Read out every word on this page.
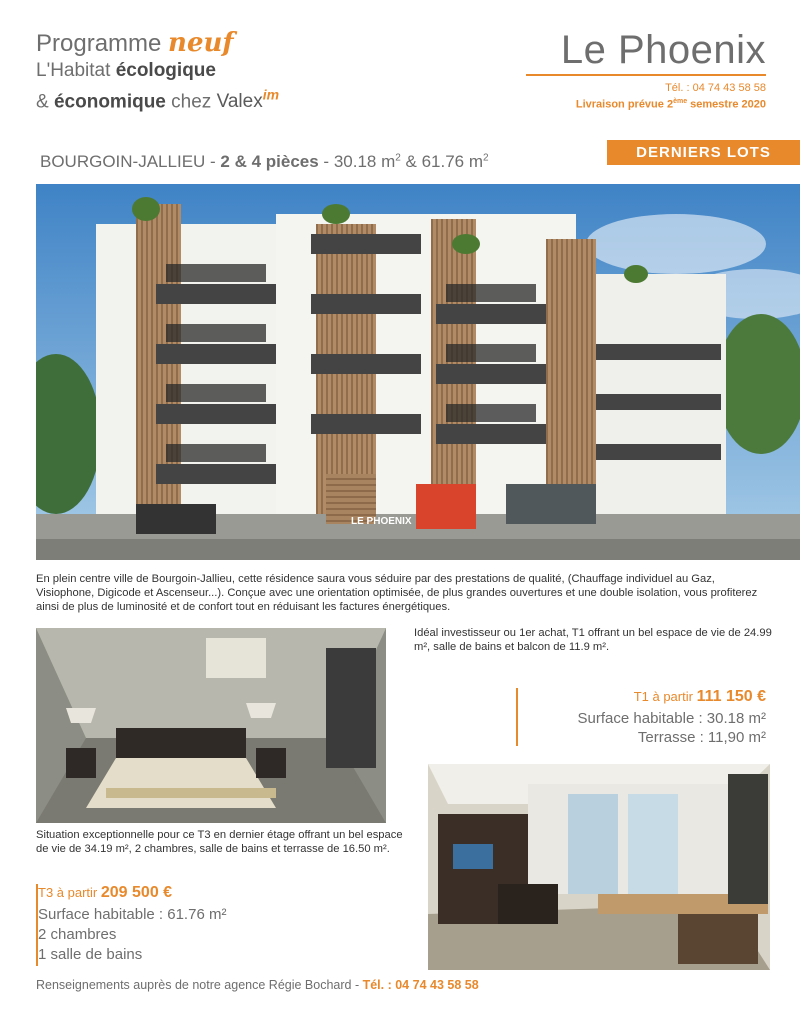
Programme neuf
L'Habitat écologique
& économique chez Valex$^{im}$
Le Phoenix
Tél. : 04 74 43 58 58
Livraison prévue 2ème semestre 2020
DERNIERS LOTS
BOURGOIN-JALLIEU - 2 & 4 pièces - 30.18 $m^2$ & 61.76 $m^2$
LE PHOENIX
En plein centre ville de Bourgoin-Jallieu, cette résidence saura vous séduire par des prestations de qualité, (Chauffage individuel au Gaz, Visiophone, Digicode et Ascenseur...). Conçue avec une orientation optimisée, de plus grandes ouvertures et une double isolation, vous profiterez ainsi de plus de luminosité et de confort tout en réduisant les factures énergétiques.
Idéal investisseur ou 1er achat, T1 offrant un bel espace de vie de 24.99 m², salle de bains et balcon de 11.9 m².
T1 à partir 111 150 €
Surface habitable : 30.18 m²
Terrasse : 11,90 m²
Situation exceptionnelle pour ce T3 en dernier étage offrant un bel espace de vie de 34.19 m², 2 chambres, salle de bains et terrasse de 16.50 m².
T3 à partir 209 500 €
Surface habitable : 61.76 m²
2 chambres
1 salle de bains
Renseignements auprès de notre agence Régie Bochard - Tél. : 04 74 43 58 58
